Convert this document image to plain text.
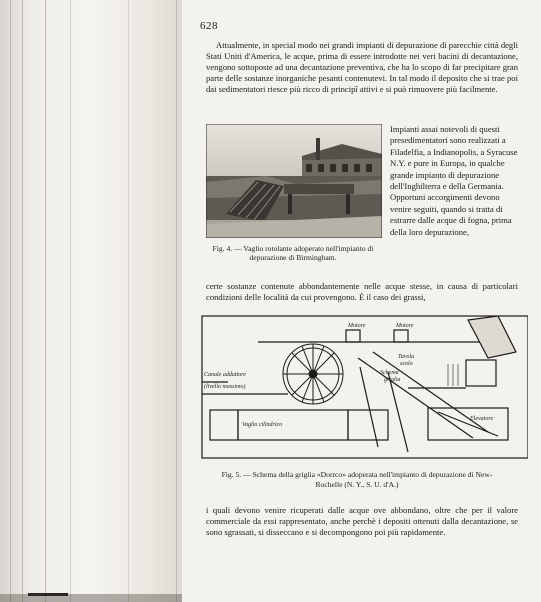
628

Attualmente, in special modo nei grandi impianti di depurazione di parecchie città degli Stati Uniti d'America, le acque, prima di essere introdotte nei veri bacini di decantazione, vengono sottoposte ad una decantazione preventiva, che ha lo scopo di far precipitare gran parte delle sostanze inorganiche pesanti contenutevi. In tal modo il deposito che si trae poi dai sedimentatori riesce più ricco di principî attivi e si può rimuovere più facilmente.

Fig. 4. — Vaglio rotolante adoperato nell'impianto di depurazione di Birmingham.

Impianti assai notevoli di questi presedimentatori sono realizzati a Filadelfia, a Indianopolis, a Syracuse N.Y. e pure in Europa, in qualche grande impianto di depurazione dell'Inghilterra e della Germania. Opportuni accorgimenti devono venire seguiti, quando si tratta di estrarre dalle acque di fogna, prima della loro depurazione,

certe sostanze contenute abbondantemente nelle acque stesse, in causa di particolari condizioni delle località da cui provengono. È il caso dei grassi,

Motore	Motore
Canale adduttore
(livello massimo)
Vaglio cilindrico
Tavola
scolo
Schema
griglia
Elevatore
Fig. 5. — Schema della griglia «Dorrco» adoperata nell'impianto di depurazione di New-Rochelle (N. Y., S. U. d'A.)

i quali devono venire ricuperati dalle acque ove abbondano, oltre che per il valore commerciale da essi rappresentato, anche perchè i depositi ottenuti dalla decantazione, se sono sgrassati, si disseccano e si decompongono poi più rapidamente.
